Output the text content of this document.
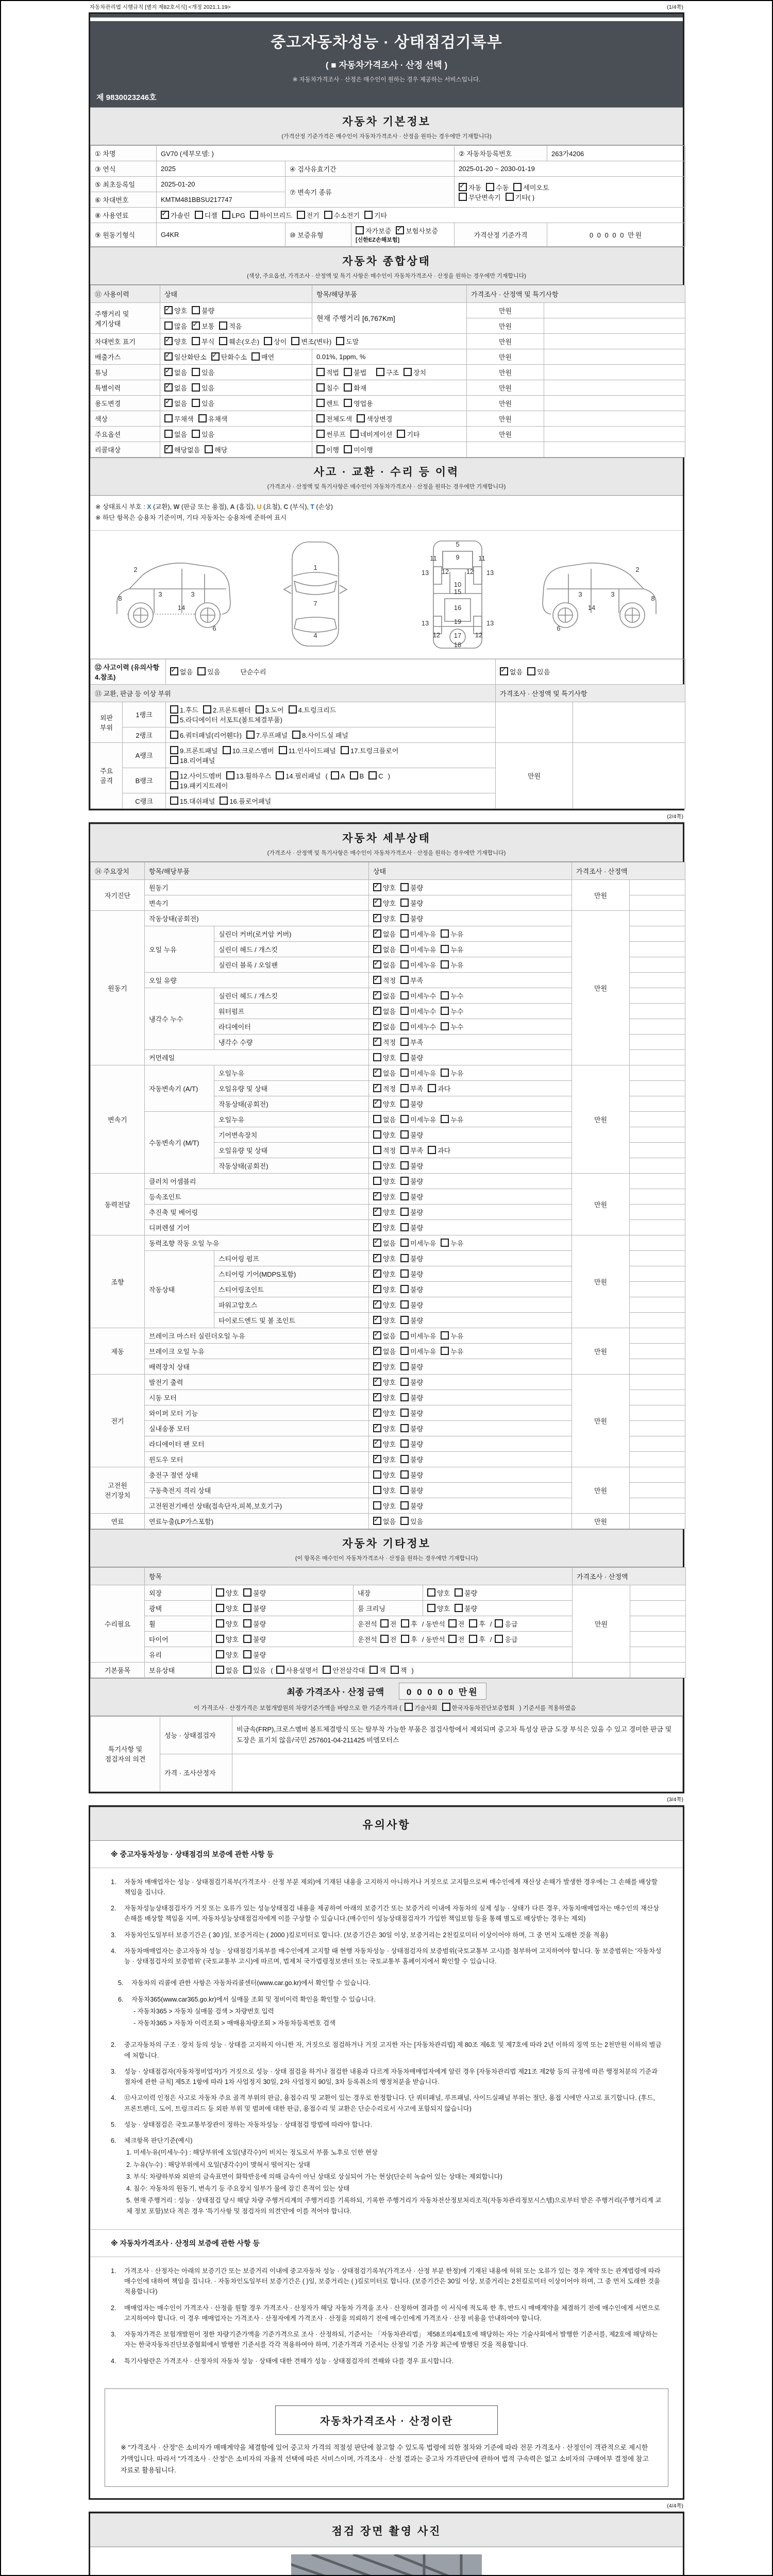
자동차관리법 시행규칙 [별지 제82호서식] <개정 2021.1.19>	(1/4쪽)
중고자동차성능 · 상태점검기록부
( ■ 자동차가격조사 · 산정 선택 )
※ 자동차가격조사 · 산정은 매수인이 원하는 경우 제공하는 서비스입니다.
제 9830023246호
자동차 기본정보
(가격산정 기준가격은 매수인이 자동차가격조사 · 산정을 원하는 경우에만 기재합니다)
① 차명	GV70 (세부모델: )			② 자동차등록번호	263가4206
③ 연식	2025	④ 검사유효기간		2025-01-20 ~ 2030-01-19	
⑤ 최초등록일	2025-01-20	⑦ 변속기 종류	✓자동 수동 세미오토
무단변속기 기타( )
⑥ 차대번호	KMTM481BBSU217747				
⑧ 사용연료	✓가솔린 디젤 LPG 하이브리드 전기 수소전기 기타
⑨ 원동기형식	G4KR	⑩ 보증유형	자가보증 ✓ 보험사보증[신한EZ손해보험]	가격산정 기준가격	0 0 0 0 0 만원
자동차 종합상태
(색상, 주요옵션, 가격조사 · 산정액 및 특기 사항은 매수인이 자동차가격조사 · 산정을 원하는 경우에만 기재합니다)
⑪ 사용이력	상태	항목/해당부품	가격조사 · 산정액 및 특기사항	
주행거리 및 계기상태	✓양호 불량	현재 주행거리 [6,767Km]	만원	
	많음 ✓ 보통 적음		만원	
차대번호 표기	✓양호 부식 훼손(오손) 상이 변조(변타) 도말		만원	
배출가스	✓일산화탄소 ✓ 탄화수소 매연	0.01%, 1ppm, %	만원	
튜닝	✓없음 있음	적법 불법 구조 장치	만원	
특별이력	✓없음 있음	침수 화재	만원	
용도변경	✓없음 있음	렌트 영업용	만원	
색상	무채색 유채색	전체도색 색상변경	만원	
주요옵션	없음 있음	썬루프 네비게이션 기타	만원	
리콜대상	✓해당없음 해당	이행 미이행		
사고 · 교환 · 수리 등 이력
(가격조사 · 산정액 및 특기사항은 매수인이 자동차가격조사 · 산정을 원하는 경우에만 기재합니다)
※ 상태표시 부호 : X (교환), W (판금 또는 용접), A (흠집), U (요철), C (부식), T (손상)
※ 하단 항목은 승용차 기준이며, 기타 자동차는 승용차에 준하여 표시
2
8
3
14
3
6
1
7
4
5
11	9	11
13 12	12 13
10
15
16
19
13	13
12 17 12
18
2
8
3
14
3
6
⑫ 사고이력 (유의사항 4.참조)	✓없음 있음 단순수리	✓없음 있음
⑬ 교환, 판금 등 이상 부위			가격조사 · 산정액 및 특기사항	
외판
부위	1랭크	1.후드 2.프론트휀더 3.도어 4.트렁크리드
5.라디에이터 서포트(볼트체결부품)		
	2랭크	6.쿼터패널(리어휀다) 7.루프패널 8.사이드실 패널		
주요
골격	A랭크	9.프론트패널 10.크로스멤버 11.인사이드패널 17.트렁크플로어
18.리어패널	만원	
	B랭크	12.사이드멤버 13.휠하우스 14.필러패널 ( A B C )
19.패키지트레이		
	C랭크	15.대쉬패널 16.플로어패널		
(2/4쪽)
자동차 세부상태
(가격조사 · 산정액 및 특기사항은 매수인이 자동차가격조사 · 산정을 원하는 경우에만 기재합니다)
⑭ 주요장치	항목/해당부품		상태	가격조사 · 산정액	
자기진단	원동기	✓양호 불량	만원	
	변속기	✓양호 불량	
원동기	작동상태(공회전)	✓양호 불량	만원	
	오일 누유	실린더 커버(로커암 커버)	✓없음 미세누유 누유	
		실린더 헤드 / 개스킷	✓없음 미세누유 누유	
		실린더 블록 / 오일팬	✓없음 미세누유 누유	
	오일 유량	✓적정 부족	
	냉각수 누수	실린더 헤드 / 개스킷	✓없음 미세누수 누수	
		워터펌프	✓없음 미세누수 누수	
		라디에이터	✓없음 미세누수 누수	
		냉각수 수량	✓적정 부족	
	커먼레일		양호 불량		
변속기	자동변속기 (A/T)	오일누유	✓없음 미세누유 누유	만원	
		오일유량 및 상태	✓적정 부족 과다	
		작동상태(공회전)	✓양호 불량	
	수동변속기 (M/T)	오일누유	없음 미세누유 누유		
		기어변속장치	양호 불량		
		오일유량 및 상태	적정 부족 과다		
		작동상태(공회전)	양호 불량		
동력전달	클러치 어셈블리		양호 불량	만원	
	등속조인트	✓양호 불량	
	추진축 및 베어링	✓양호 불량	
	디퍼렌셜 기어	✓양호 불량	
조향	동력조향 작동 오일 누유	✓없음 미세누유 누유	만원	
	작동상태	스티어링 펌프	✓양호 불량	
		스티어링 기어(MDPS포함)	✓양호 불량	
		스티어링조인트	✓양호 불량	
		파워고압호스	✓양호 불량	
		타이로드엔드 및 볼 조인트	✓양호 불량	
제동	브레이크 마스터 실린더오일 누유	✓없음 미세누유 누유	만원	
	브레이크 오일 누유	✓없음 미세누유 누유	
	배력장치 상태	✓양호 불량	
전기	발전기 출력	✓양호 불량	만원	
	시동 모터	✓양호 불량	
	와이퍼 모터 기능	✓양호 불량	
	실내송풍 모터	✓양호 불량	
	라디에이터 팬 모터	✓양호 불량	
	윈도우 모터	✓양호 불량	
고전원
전기장치	충전구 절연 상태		양호 불량	만원	
	구동축전지 격리 상태		양호 불량		
	고전원전기배선 상태(접속단자,피복,보호기구)		양호 불량		
연료	연료누출(LP가스포함)	✓없음 있음	만원	
자동차 기타정보
(이 항목은 매수인이 자동차가격조사 · 산정을 원하는 경우에만 기재합니다)
	항목				가격조사 · 산정액	
수리필요	외장	양호 불량	내장	양호 불량	만원	
	광택	양호 불량	룸 크리닝	양호 불량		
	휠	양호 불량	운전석 전 후 / 동반석 전 후 / 응급			
	타이어	양호 불량	운전석 전 후 / 동반석 전 후 / 응급			
	유리	양호 불량				
기본품목	보유상태	없음 있음 ( 사용설명서 안전삼각대 잭 잭 )				
최종 가격조사 · 산정 금액	0 0 0 0 0 만원
이 가격조사 · 산정가격은 보험개발원의 차량기준가액을 바탕으로 한 기준가격과 ( 기술사회 한국자동차진단보증협회 ) 기준서를 적용하였음
특기사항 및
점검자의 의견	성능 · 상태점검자	비금속(FRP),크로스멤버 볼트체결방식 또는 탈부착 가능한 부품은 점검사항에서 제외되며 중고차 특성상 판금 도장 부식은 있을 수 있고 경미한 판금 및 도장은 표기치 않음/국민 257601-04-211425 비엠모터스
	가격 · 조사산정자	
(3/4쪽)
유의사항
※ 중고자동차성능 · 상태점검의 보증에 관한 사항 등
1.	자동차 매매업자는 성능 · 상태점검기록부(가격조사 · 산정 부분 제외)에 기재된 내용을 고지하지 아니하거나 거짓으로 고지함으로써 매수인에게 재산상 손해가 발생한 경우에는 그 손해를 배상할 책임을 집니다.
2.	자동차성능상태점검자가 거짓 또는 오류가 있는 성능상태점검 내용을 제공하여 아래의 보증기간 또는 보증거리 이내에 자동차의 실제 성능 · 상태가 다른 경우, 자동차매매업자는 매수인의 재산상 손해를 배상할 책임을 지며, 자동차성능상태점검자에게 이를 구상할 수 있습니다.(매수인이 성능상태점검자가 가입한 책임보험 등을 통해 별도로 배상받는 경우는 제외)
3.	자동차인도일부터 보증기간은 ( 30 )일, 보증거리는 ( 2000 )킬로미터로 합니다. (보증기간은 30일 이상, 보증거리는 2천킬로미터 이상이어야 하며, 그 중 먼저 도래한 것을 적용)
4.	자동차매매업자는 중고자동차 성능 · 상태점검기록부를 매수인에게 고지할 때 현행 자동차성능 · 상태점검자의 보증범위(국토교통부 고시)를 첨부하여 고지하여야 합니다. 동 보증범위는 '자동차성능 · 상태점검자의 보증범위' (국토교통부 고시)에 따르며, 법제처 국가법령정보센터 또는 국토교통부 홈페이지에서 확인할 수 있습니다.
5.	자동차의 리콜에 관한 사항은 자동차리콜센터(www.car.go.kr)에서 확인할 수 있습니다.
6.	자동차365(www.car365.go.kr)에서 실매물 조회 및 정비이력 확인을 확인할 수 있습니다.
- 자동차365 > 자동차 실매물 검색 > 차량번호 입력
- 자동차365 > 자동차 이력조회 > 매매용차량조회 > 자동차등록번호 검색
2.	중고자동차의 구조 · 장치 등의 성능 · 상태를 고지하지 아니한 자, 거짓으로 점검하거나 거짓 고지한 자는 [자동차관리법] 제 80조 제6호 및 제7호에 따라 2년 이하의 징역 또는 2천만원 이하의 벌금에 처합니다.
3.	성능 · 상태점검자(자동차정비업자)가 거짓으로 성능 · 상태 점검을 하거나 점검한 내용과 다르게 자동차매매업자에게 알린 경우 [자동차관리법 제21조 제2항 등의 규정에 따른 행정처분의 기준과 절차에 관한 규칙] 제5조 1항에 따라 1차 사업정지 30일, 2차 사업정지 90일, 3차 등록취소의 행정처분을 받습니다.
4.	⑫사고이력 인정은 사고로 자동차 주요 골격 부위의 판금, 용접수리 및 교환이 있는 경우로 한정합니다. 단 쿼터패널, 루프패널, 사이드실패널 부위는 절단, 용접 시에만 사고로 표기합니다. (후드, 프론트펜더, 도어, 트렁크리드 등 외판 부위 및 범퍼에 대한 판금, 용접수리 및 교환은 단순수리로서 사고에 포함되지 않습니다)
5.	성능 · 상태점검은 국토교통부장관이 정하는 자동차성능 · 상태점검 방법에 따라야 합니다.
6.	체크항목 판단기준(예시)
1. 미세누유(미세누수) : 해당부위에 오일(냉각수)이 비치는 정도로서 부품 노후로 인한 현상
2. 누유(누수) : 해당부위에서 오일(냉각수)이 맺혀서 떨어지는 상태
3. 부식: 차량하부와 외판의 금속표면이 화학반응에 의해 금속이 아닌 상태로 상실되어 가는 현상(단순히 녹슬어 있는 상태는 제외합니다)
4. 침수: 자동차의 원동기, 변속기 등 주요장치 일부가 물에 잠긴 흔적이 있는 상태
5. 현재 주행거리 : 성능 · 상태점검 당시 해당 차량 주행거리계의 주행거리를 기록하되, 기록한 주행거리가 자동차전산정보처리조직(자동차관리정보시스템)으로부터 받은 주행거리(주행거리계 교체 정보 포함)보다 적은 경우 '특기사항 및 점검자의 의견'란에 이를 적어야 합니다.
※ 자동차가격조사 · 산정의 보증에 관한 사항 등
1.	가격조사 · 산정자는 아래의 보증기간 또는 보증거리 이내에 중고자동차 성능 · 상태점검기록부(가격조사 · 산정 부분 한정)에 기재된 내용에 허위 또는 오류가 있는 경우 계약 또는 관계법령에 따라 매수인에 대하여 책임을 집니다. · 자동차인도일부터 보증기간은 ( )일, 보증거리는 ( )킬로미터로 합니다. (보증기간은 30일 이상, 보증거리는 2천킬로미터 이상이어야 하며, 그 중 먼저 도래한 것을 적용합니다)
2.	매매업자는 매수인이 가격조사 · 산정을 원할 경우 가격조사 · 산정자가 해당 자동차 가격을 조사 · 산정하여 결과를 이 서식에 적도록 한 후, 반드시 매매계약을 체결하기 전에 매수인에게 서면으로 고지하여야 합니다. 이 경우 매매업자는 가격조사 · 산정자에게 가격조사 · 산정을 의뢰하기 전에 매수인에게 가격조사 · 산정 비용을 안내하여야 합니다.
3.	자동차가격은 보험개발원이 정한 차량기준가액을 기준가격으로 조사 · 산정하되, 기준서는 「자동차관리법」 제58조의4제1호에 해당하는 자는 기술사회에서 발행한 기준서를, 제2호에 해당하는 자는 한국자동차진단보증협회에서 발행한 기준서를 각각 적용하여야 하며, 기준가격과 기준서는 산정일 기준 가장 최근에 발행된 것을 적용합니다.
4.	특기사항란은 가격조사 · 산정자의 자동차 성능 · 상태에 대한 견해가 성능 · 상태점검자의 견해와 다를 경우 표시합니다.
자동차가격조사 · 산정이란
※ "가격조사 · 산정"은 소비자가 매매계약을 체결함에 있어 중고차 가격의 적절성 판단에 참고할 수 있도록 법령에 의한 절차와 기준에 따라 전문 가격조사 · 산정인이 객관적으로 제시한 가액입니다. 따라서 "가격조사 · 산정"은 소비자의 자율적 선택에 따른 서비스이며, 가격조사 · 산정 결과는 중고차 가격판단에 관하여 법적 구속력은 없고 소비자의 구매여부 결정에 참고자료로 활용됩니다.
(4/4쪽)
점검 장면 촬영 사진
